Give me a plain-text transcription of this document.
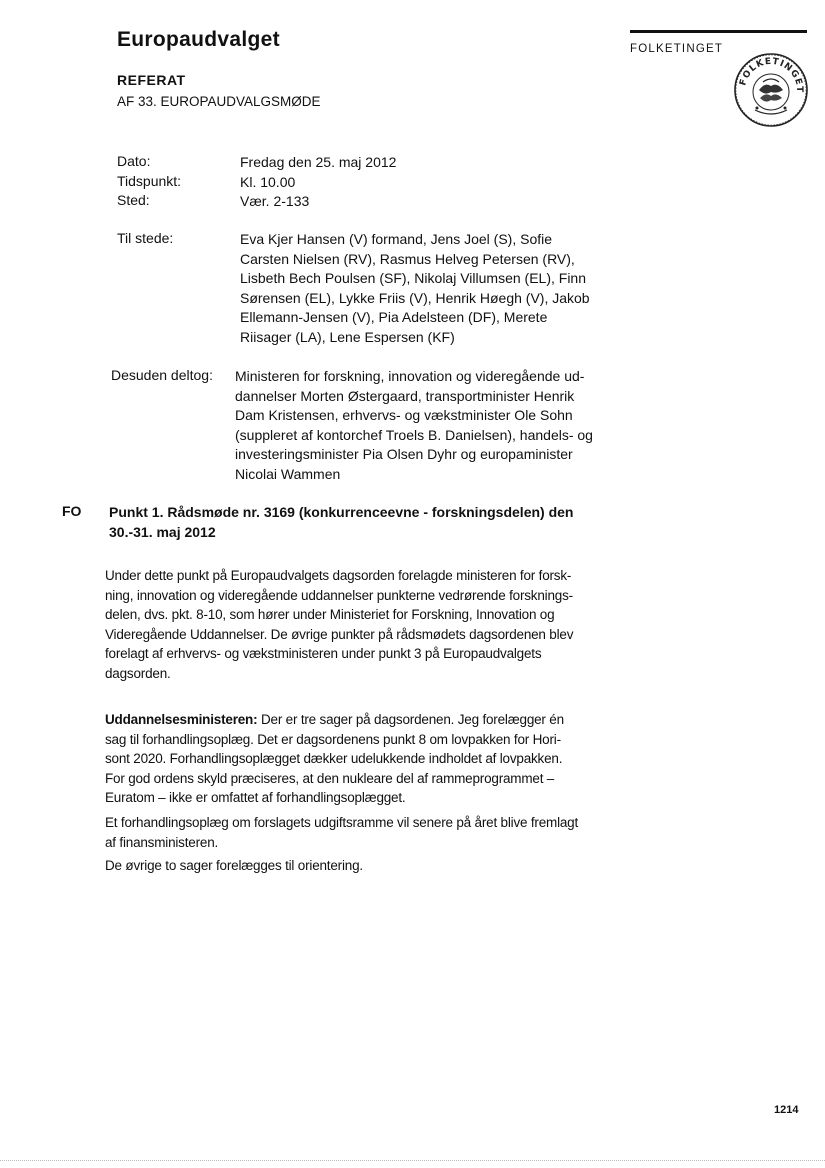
Europaudvalget
REFERAT
AF 33. EUROPAUDVALGSMØDE
FOLKETINGET
FOLKETINGET
Dato:	Fredag den 25. maj 2012
Tidspunkt:	Kl. 10.00
Sted:	Vær. 2-133
Til stede:	Eva Kjer Hansen (V) formand, Jens Joel (S), Sofie
Carsten Nielsen (RV), Rasmus Helveg Petersen (RV),
Lisbeth Bech Poulsen (SF), Nikolaj Villumsen (EL), Finn
Sørensen (EL), Lykke Friis (V), Henrik Høegh (V), Jakob
Ellemann-Jensen (V), Pia Adelsteen (DF), Merete
Riisager (LA), Lene Espersen (KF)
Desuden deltog: Ministeren for forskning, innovation og videregående ud-
dannelser Morten Østergaard, transportminister Henrik
Dam Kristensen, erhvervs- og vækstminister Ole Sohn
(suppleret af kontorchef Troels B. Danielsen), handels- og
investeringsminister Pia Olsen Dyhr og europaminister
Nicolai Wammen
FO Punkt 1. Rådsmøde nr. 3169 (konkurrenceevne - forskningsdelen) den
30.-31. maj 2012
Under dette punkt på Europaudvalgets dagsorden forelagde ministeren for forsk-
ning, innovation og videregående uddannelser punkterne vedrørende forsknings-
delen, dvs. pkt. 8-10, som hører under Ministeriet for Forskning, Innovation og
Videregående Uddannelser. De øvrige punkter på rådsmødets dagsordenen blev
forelagt af erhvervs- og vækstministeren under punkt 3 på Europaudvalgets
dagsorden.
Uddannelsesministeren: Der er tre sager på dagsordenen. Jeg forelægger én
sag til forhandlingsoplæg. Det er dagsordenens punkt 8 om lovpakken for Hori-
sont 2020. Forhandlingsoplægget dækker udelukkende indholdet af lovpakken.
For god ordens skyld præciseres, at den nukleare del af rammeprogrammet –
Euratom – ikke er omfattet af forhandlingsoplægget.
Et forhandlingsoplæg om forslagets udgiftsramme vil senere på året blive fremlagt
af finansministeren.
De øvrige to sager forelægges til orientering.
1214
